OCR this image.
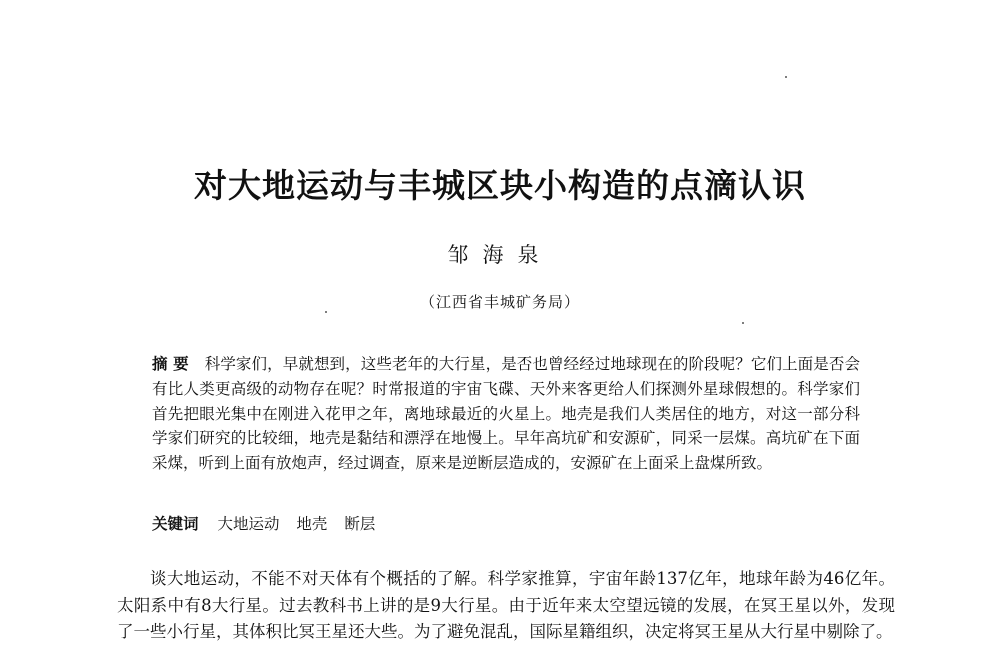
对大地运动与丰城区块小构造的点滴认识
邹海泉
（江西省丰城矿务局）
摘 要 科学家们，早就想到，这些老年的大行星，是否也曾经经过地球现在的阶段呢？它们上面是否会有比人类更高级的动物存在呢？时常报道的宇宙飞碟、天外来客更给人们探测外星球假想的。科学家们首先把眼光集中在刚进入花甲之年，离地球最近的火星上。地壳是我们人类居住的地方，对这一部分科学家们研究的比较细，地壳是黏结和漂浮在地慢上。早年高坑矿和安源矿，同采一层煤。高坑矿在下面采煤，听到上面有放炮声，经过调查，原来是逆断层造成的，安源矿在上面采上盘煤所致。
关键词 大地运动 地壳 断层
谈大地运动，不能不对天体有个概括的了解。科学家推算，宇宙年龄137亿年，地球年龄为46亿年。太阳系中有8大行星。过去教科书上讲的是9大行星。由于近年来太空望远镜的发展，在冥王星以外，发现了一些小行星，其体积比冥王星还大些。为了避免混乱，国际星籍组织，决定将冥王星从大行星中剔除了。
